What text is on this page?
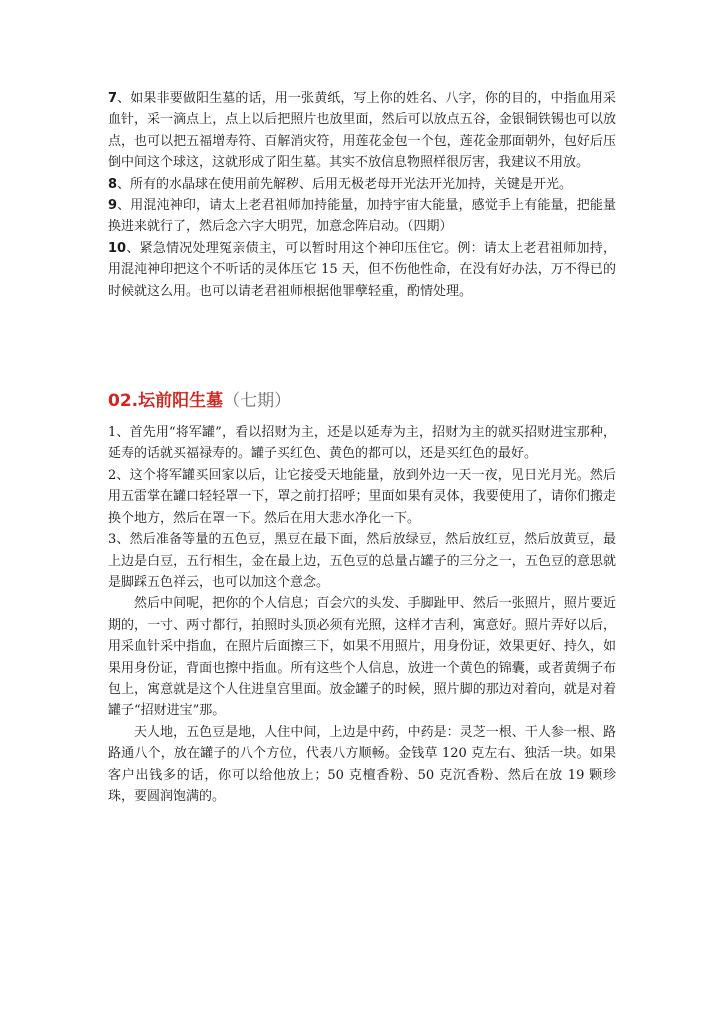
7、如果非要做阳生墓的话，用一张黄纸，写上你的姓名、八字，你的目的，中指血用采血针，采一滴点上，点上以后把照片也放里面，然后可以放点五谷，金银铜铁锡也可以放点，也可以把五福增寿符、百解消灾符，用莲花金包一个包，莲花金那面朝外，包好后压倒中间这个球这，这就形成了阳生墓。其实不放信息物照样很厉害，我建议不用放。

8、所有的水晶球在使用前先解秽、后用无极老母开光法开光加持，关键是开光。

9、用混沌神印，请太上老君祖师加持能量，加持宇宙大能量，感觉手上有能量，把能量换进来就行了，然后念六字大明咒，加意念阵启动。（四期）

10、紧急情况处理冤亲债主，可以暂时用这个神印压住它。例：请太上老君祖师加持，用混沌神印把这个不听话的灵体压它 15 天，但不伤他性命，在没有好办法，万不得已的时候就这么用。也可以请老君祖师根据他罪孽轻重，酌情处理。

02.坛前阳生墓（七期）

1、首先用“将军罐”，看以招财为主，还是以延寿为主，招财为主的就买招财进宝那种，延寿的话就买福禄寿的。罐子买红色、黄色的都可以，还是买红色的最好。

2、这个将军罐买回家以后，让它接受天地能量，放到外边一天一夜，见日光月光。然后用五雷掌在罐口轻轻罩一下，罩之前打招呼；里面如果有灵体，我要使用了，请你们搬走换个地方，然后在罩一下。然后在用大悲水净化一下。

3、然后准备等量的五色豆，黑豆在最下面，然后放绿豆，然后放红豆，然后放黄豆，最上边是白豆，五行相生，金在最上边，五色豆的总量占罐子的三分之一，五色豆的意思就是脚踩五色祥云，也可以加这个意念。

然后中间呢，把你的个人信息；百会穴的头发、手脚趾甲、然后一张照片，照片要近期的，一寸、两寸都行，拍照时头顶必须有光照，这样才吉利，寓意好。照片弄好以后，用采血针采中指血，在照片后面擦三下，如果不用照片，用身份证，效果更好、持久，如果用身份证，背面也擦中指血。所有这些个人信息，放进一个黄色的锦囊，或者黄绸子布包上，寓意就是这个人住进皇宫里面。放金罐子的时候，照片脚的那边对着向，就是对着罐子“招财进宝”那。

天人地，五色豆是地，人住中间，上边是中药，中药是：灵芝一根、干人参一根、路路通八个，放在罐子的八个方位，代表八方顺畅。金钱草 120 克左右、独活一块。如果客户出钱多的话，你可以给他放上；50 克檀香粉、50 克沉香粉、然后在放 19 颗珍珠，要圆润饱满的。
